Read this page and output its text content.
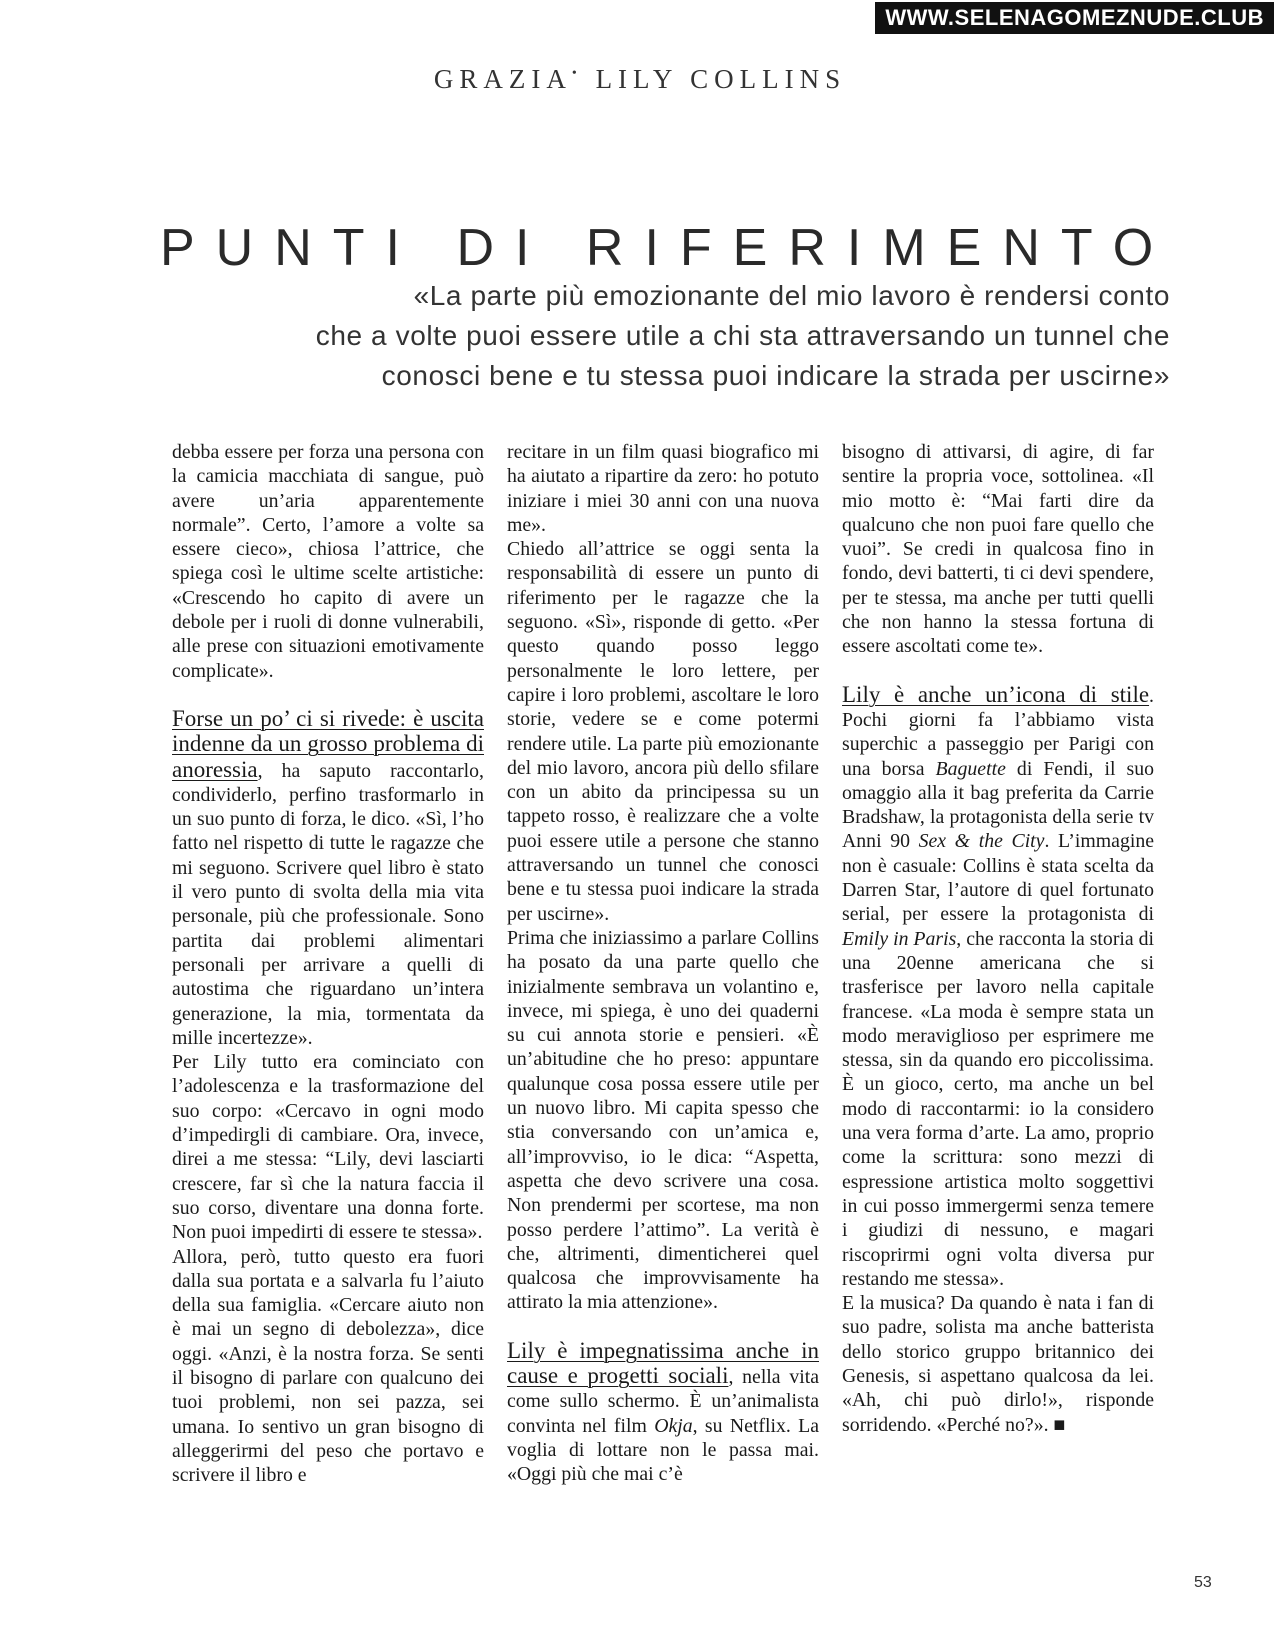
WWW.SELENAGOMEZNUDE.CLUB
GRAZIA• LILY COLLINS
PUNTI DI RIFERIMENTO
«La parte più emozionante del mio lavoro è rendersi conto
che a volte puoi essere utile a chi sta attraversando un tunnel che
conosci bene e tu stessa puoi indicare la strada per uscirne»

debba essere per forza una persona con la camicia macchiata di sangue, può avere un’aria apparentemente normale”. Certo, l’amore a volte sa essere cieco», chiosa l’attrice, che spiega così le ultime scelte artistiche: «Crescendo ho capito di avere un debole per i ruoli di donne vulnerabili, alle prese con situazioni emotivamente complicate».

Forse un po’ ci si rivede: è uscita indenne da un grosso problema di anoressia, ha saputo raccontarlo, condividerlo, perfino trasformarlo in un suo punto di forza, le dico. «Sì, l’ho fatto nel rispetto di tutte le ragazze che mi seguono. Scrivere quel libro è stato il vero punto di svolta della mia vita personale, più che professionale. Sono partita dai problemi alimentari personali per arrivare a quelli di autostima che riguardano un’intera generazione, la mia, tormentata da mille incertezze».

Per Lily tutto era cominciato con l’adolescenza e la trasformazione del suo corpo: «Cercavo in ogni modo d’impedirgli di cambiare. Ora, invece, direi a me stessa: “Lily, devi lasciarti crescere, far sì che la natura faccia il suo corso, diventare una donna forte. Non puoi impedirti di essere te stessa».

Allora, però, tutto questo era fuori dalla sua portata e a salvarla fu l’aiuto della sua famiglia. «Cercare aiuto non è mai un segno di debolezza», dice oggi. «Anzi, è la nostra forza. Se senti il bisogno di parlare con qualcuno dei tuoi problemi, non sei pazza, sei umana. Io sentivo un gran bisogno di alleggerirmi del peso che portavo e scrivere il libro e

recitare in un film quasi biografico mi ha aiutato a ripartire da zero: ho potuto iniziare i miei 30 anni con una nuova me».

Chiedo all’attrice se oggi senta la responsabilità di essere un punto di riferimento per le ragazze che la seguono. «Sì», risponde di getto. «Per questo quando posso leggo personalmente le loro lettere, per capire i loro problemi, ascoltare le loro storie, vedere se e come potermi rendere utile. La parte più emozionante del mio lavoro, ancora più dello sfilare con un abito da principessa su un tappeto rosso, è realizzare che a volte puoi essere utile a persone che stanno attraversando un tunnel che conosci bene e tu stessa puoi indicare la strada per uscirne».

Prima che iniziassimo a parlare Collins ha posato da una parte quello che inizialmente sembrava un volantino e, invece, mi spiega, è uno dei quaderni su cui annota storie e pensieri. «È un’abitudine che ho preso: appuntare qualunque cosa possa essere utile per un nuovo libro. Mi capita spesso che stia conversando con un’amica e, all’improvviso, io le dica: “Aspetta, aspetta che devo scrivere una cosa. Non prendermi per scortese, ma non posso perdere l’attimo”. La verità è che, altrimenti, dimenticherei quel qualcosa che improvvisamente ha attirato la mia attenzione».

Lily è impegnatissima anche in cause e progetti sociali, nella vita come sullo schermo. È un’animalista convinta nel film Okja, su Netflix. La voglia di lottare non le passa mai. «Oggi più che mai c’è

bisogno di attivarsi, di agire, di far sentire la propria voce, sottolinea. «Il mio motto è: “Mai farti dire da qualcuno che non puoi fare quello che vuoi”. Se credi in qualcosa fino in fondo, devi batterti, ti ci devi spendere, per te stessa, ma anche per tutti quelli che non hanno la stessa fortuna di essere ascoltati come te».

Lily è anche un’icona di stile. Pochi giorni fa l’abbiamo vista superchic a passeggio per Parigi con una borsa Baguette di Fendi, il suo omaggio alla it bag preferita da Carrie Bradshaw, la protagonista della serie tv Anni 90 Sex & the City. L’immagine non è casuale: Collins è stata scelta da Darren Star, l’autore di quel fortunato serial, per essere la protagonista di Emily in Paris, che racconta la storia di una 20enne americana che si trasferisce per lavoro nella capitale francese. «La moda è sempre stata un modo meraviglioso per esprimere me stessa, sin da quando ero piccolissima. È un gioco, certo, ma anche un bel modo di raccontarmi: io la considero una vera forma d’arte. La amo, proprio come la scrittura: sono mezzi di espressione artistica molto soggettivi in cui posso immergermi senza temere i giudizi di nessuno, e magari riscoprirmi ogni volta diversa pur restando me stessa».

E la musica? Da quando è nata i fan di suo padre, solista ma anche batterista dello storico gruppo britannico dei Genesis, si aspettano qualcosa da lei. «Ah, chi può dirlo!», risponde sorridendo. «Perché no?». ■

53
